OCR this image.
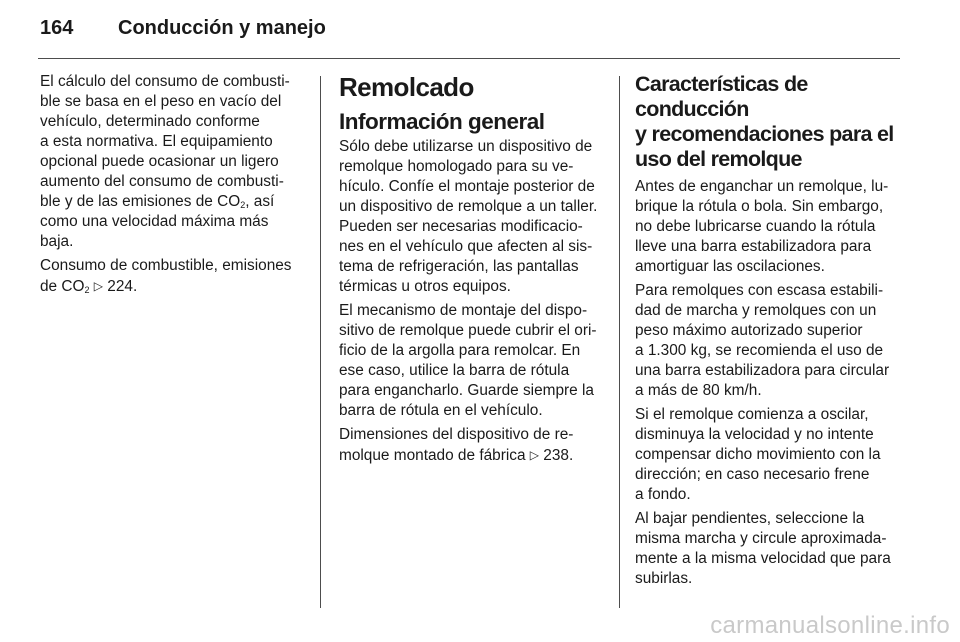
164 Conducción y manejo
El cálculo del consumo de combusti-
ble se basa en el peso en vacío del
vehículo, determinado conforme
a esta normativa. El equipamiento
opcional puede ocasionar un ligero
aumento del consumo de combusti-
ble y de las emisiones de $CO_2$, así
como una velocidad máxima más
baja.
Consumo de combustible, emisiones
de $CO_2$ ▷ 224.
Remolcado
Información general
Sólo debe utilizarse un dispositivo de
remolque homologado para su ve-
hículo. Confíe el montaje posterior de
un dispositivo de remolque a un taller.
Pueden ser necesarias modificacio-
nes en el vehículo que afecten al sis-
tema de refrigeración, las pantallas
térmicas u otros equipos.
El mecanismo de montaje del dispo-
sitivo de remolque puede cubrir el ori-
ficio de la argolla para remolcar. En
ese caso, utilice la barra de rótula
para engancharlo. Guarde siempre la
barra de rótula en el vehículo.
Dimensiones del dispositivo de re-
molque montado de fábrica ▷ 238.
Características de
conducción
y recomendaciones para el
uso del remolque
Antes de enganchar un remolque, lu-
brique la rótula o bola. Sin embargo,
no debe lubricarse cuando la rótula
lleve una barra estabilizadora para
amortiguar las oscilaciones.
Para remolques con escasa estabili-
dad de marcha y remolques con un
peso máximo autorizado superior
a 1.300 kg, se recomienda el uso de
una barra estabilizadora para circular
a más de 80 km/h.
Si el remolque comienza a oscilar,
disminuya la velocidad y no intente
compensar dicho movimiento con la
dirección; en caso necesario frene
a fondo.
Al bajar pendientes, seleccione la
misma marcha y circule aproximada-
mente a la misma velocidad que para
subirlas.
carmanualsonline.info
